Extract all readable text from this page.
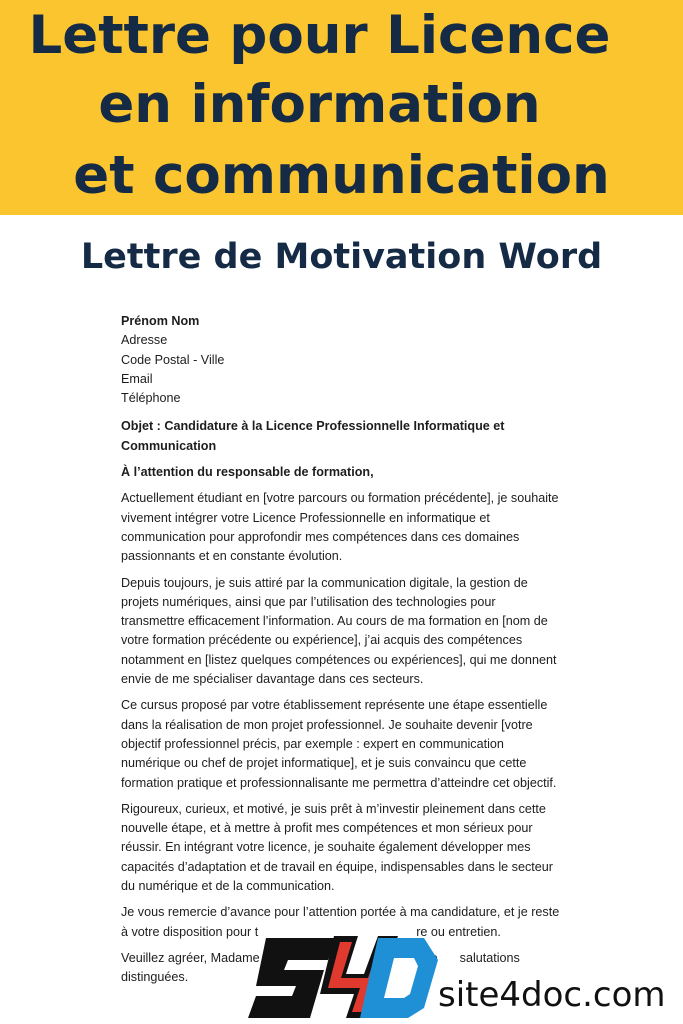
Lettre pour Licence
en information
et communication
Lettre de Motivation Word

Prénom Nom

Adresse

Code Postal - Ville

Email

Téléphone

Objet : Candidature à la Licence Professionnelle Informatique et Communication

À l’attention du responsable de formation,

Actuellement étudiant en [votre parcours ou formation précédente], je souhaite vivement intégrer votre Licence Professionnelle en informatique et communication pour approfondir mes compétences dans ces domaines passionnants et en constante évolution.

Depuis toujours, je suis attiré par la communication digitale, la gestion de projets numériques, ainsi que par l’utilisation des technologies pour transmettre efficacement l’information. Au cours de ma formation en [nom de votre formation précédente ou expérience], j’ai acquis des compétences notamment en [listez quelques compétences ou expériences], qui me donnent envie de me spécialiser davantage dans ces secteurs.

Ce cursus proposé par votre établissement représente une étape essentielle dans la réalisation de mon projet professionnel. Je souhaite devenir [votre objectif professionnel précis, par exemple : expert en communication numérique ou chef de projet informatique], et je suis convaincu que cette formation pratique et professionnalisante me permettra d’atteindre cet objectif.

Rigoureux, curieux, et motivé, je suis prêt à m’investir pleinement dans cette nouvelle étape, et à mettre à profit mes compétences et mon sérieux pour réussir. En intégrant votre licence, je souhaite également développer mes capacités d’adaptation et de travail en équipe, indispensables dans le secteur du numérique et de la communication.

Je vous remercie d’avance pour l’attention portée à ma candidature, et je reste à votre disposition pour t	re ou entretien.

Veuillez agréer, Madame	salutations distinguées.	site4doc.com
